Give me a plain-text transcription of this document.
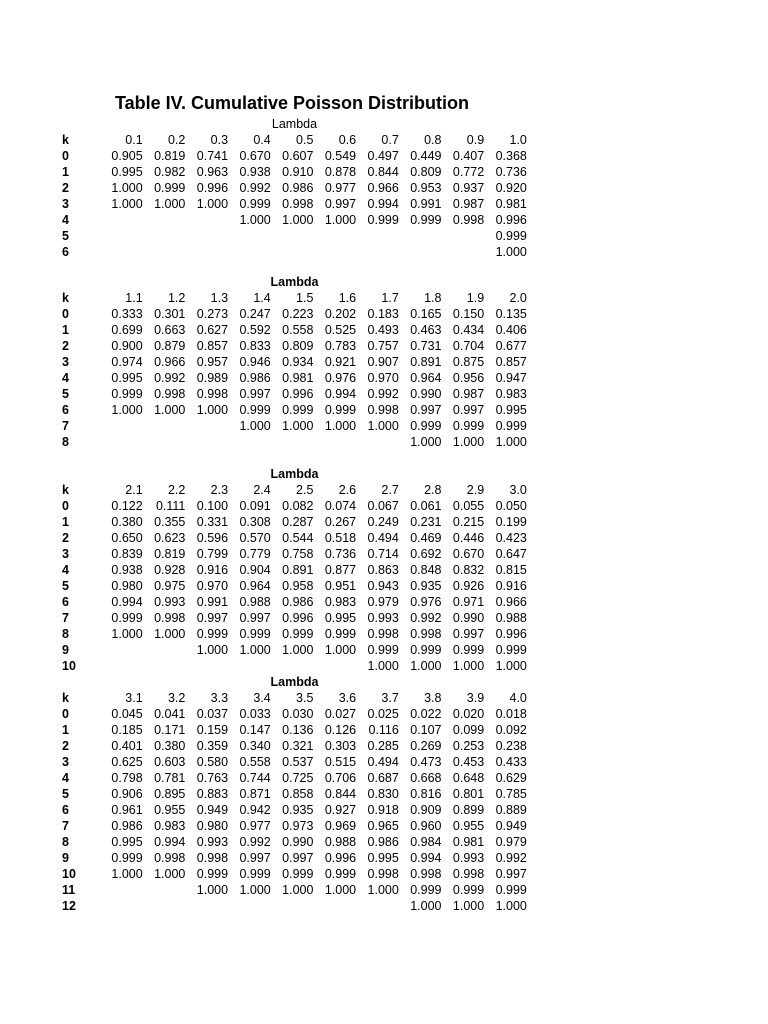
Table IV. Cumulative Poisson Distribution
Lambda
k	0.1	0.2	0.3	0.4	0.5	0.6	0.7	0.8	0.9	1.0
0	0.905	0.819	0.741	0.670	0.607	0.549	0.497	0.449	0.407	0.368
1	0.995	0.982	0.963	0.938	0.910	0.878	0.844	0.809	0.772	0.736
2	1.000	0.999	0.996	0.992	0.986	0.977	0.966	0.953	0.937	0.920
3	1.000	1.000	1.000	0.999	0.998	0.997	0.994	0.991	0.987	0.981
4				1.000	1.000	1.000	0.999	0.999	0.998	0.996
5										0.999
6										1.000
Lambda
k	1.1	1.2	1.3	1.4	1.5	1.6	1.7	1.8	1.9	2.0
0	0.333	0.301	0.273	0.247	0.223	0.202	0.183	0.165	0.150	0.135
1	0.699	0.663	0.627	0.592	0.558	0.525	0.493	0.463	0.434	0.406
2	0.900	0.879	0.857	0.833	0.809	0.783	0.757	0.731	0.704	0.677
3	0.974	0.966	0.957	0.946	0.934	0.921	0.907	0.891	0.875	0.857
4	0.995	0.992	0.989	0.986	0.981	0.976	0.970	0.964	0.956	0.947
5	0.999	0.998	0.998	0.997	0.996	0.994	0.992	0.990	0.987	0.983
6	1.000	1.000	1.000	0.999	0.999	0.999	0.998	0.997	0.997	0.995
7				1.000	1.000	1.000	1.000	0.999	0.999	0.999
8								1.000	1.000	1.000
Lambda
k	2.1	2.2	2.3	2.4	2.5	2.6	2.7	2.8	2.9	3.0
0	0.122	0.111	0.100	0.091	0.082	0.074	0.067	0.061	0.055	0.050
1	0.380	0.355	0.331	0.308	0.287	0.267	0.249	0.231	0.215	0.199
2	0.650	0.623	0.596	0.570	0.544	0.518	0.494	0.469	0.446	0.423
3	0.839	0.819	0.799	0.779	0.758	0.736	0.714	0.692	0.670	0.647
4	0.938	0.928	0.916	0.904	0.891	0.877	0.863	0.848	0.832	0.815
5	0.980	0.975	0.970	0.964	0.958	0.951	0.943	0.935	0.926	0.916
6	0.994	0.993	0.991	0.988	0.986	0.983	0.979	0.976	0.971	0.966
7	0.999	0.998	0.997	0.997	0.996	0.995	0.993	0.992	0.990	0.988
8	1.000	1.000	0.999	0.999	0.999	0.999	0.998	0.998	0.997	0.996
9			1.000	1.000	1.000	1.000	0.999	0.999	0.999	0.999
10							1.000	1.000	1.000	1.000
Lambda
k	3.1	3.2	3.3	3.4	3.5	3.6	3.7	3.8	3.9	4.0
0	0.045	0.041	0.037	0.033	0.030	0.027	0.025	0.022	0.020	0.018
1	0.185	0.171	0.159	0.147	0.136	0.126	0.116	0.107	0.099	0.092
2	0.401	0.380	0.359	0.340	0.321	0.303	0.285	0.269	0.253	0.238
3	0.625	0.603	0.580	0.558	0.537	0.515	0.494	0.473	0.453	0.433
4	0.798	0.781	0.763	0.744	0.725	0.706	0.687	0.668	0.648	0.629
5	0.906	0.895	0.883	0.871	0.858	0.844	0.830	0.816	0.801	0.785
6	0.961	0.955	0.949	0.942	0.935	0.927	0.918	0.909	0.899	0.889
7	0.986	0.983	0.980	0.977	0.973	0.969	0.965	0.960	0.955	0.949
8	0.995	0.994	0.993	0.992	0.990	0.988	0.986	0.984	0.981	0.979
9	0.999	0.998	0.998	0.997	0.997	0.996	0.995	0.994	0.993	0.992
10	1.000	1.000	0.999	0.999	0.999	0.999	0.998	0.998	0.998	0.997
11			1.000	1.000	1.000	1.000	1.000	0.999	0.999	0.999
12								1.000	1.000	1.000
